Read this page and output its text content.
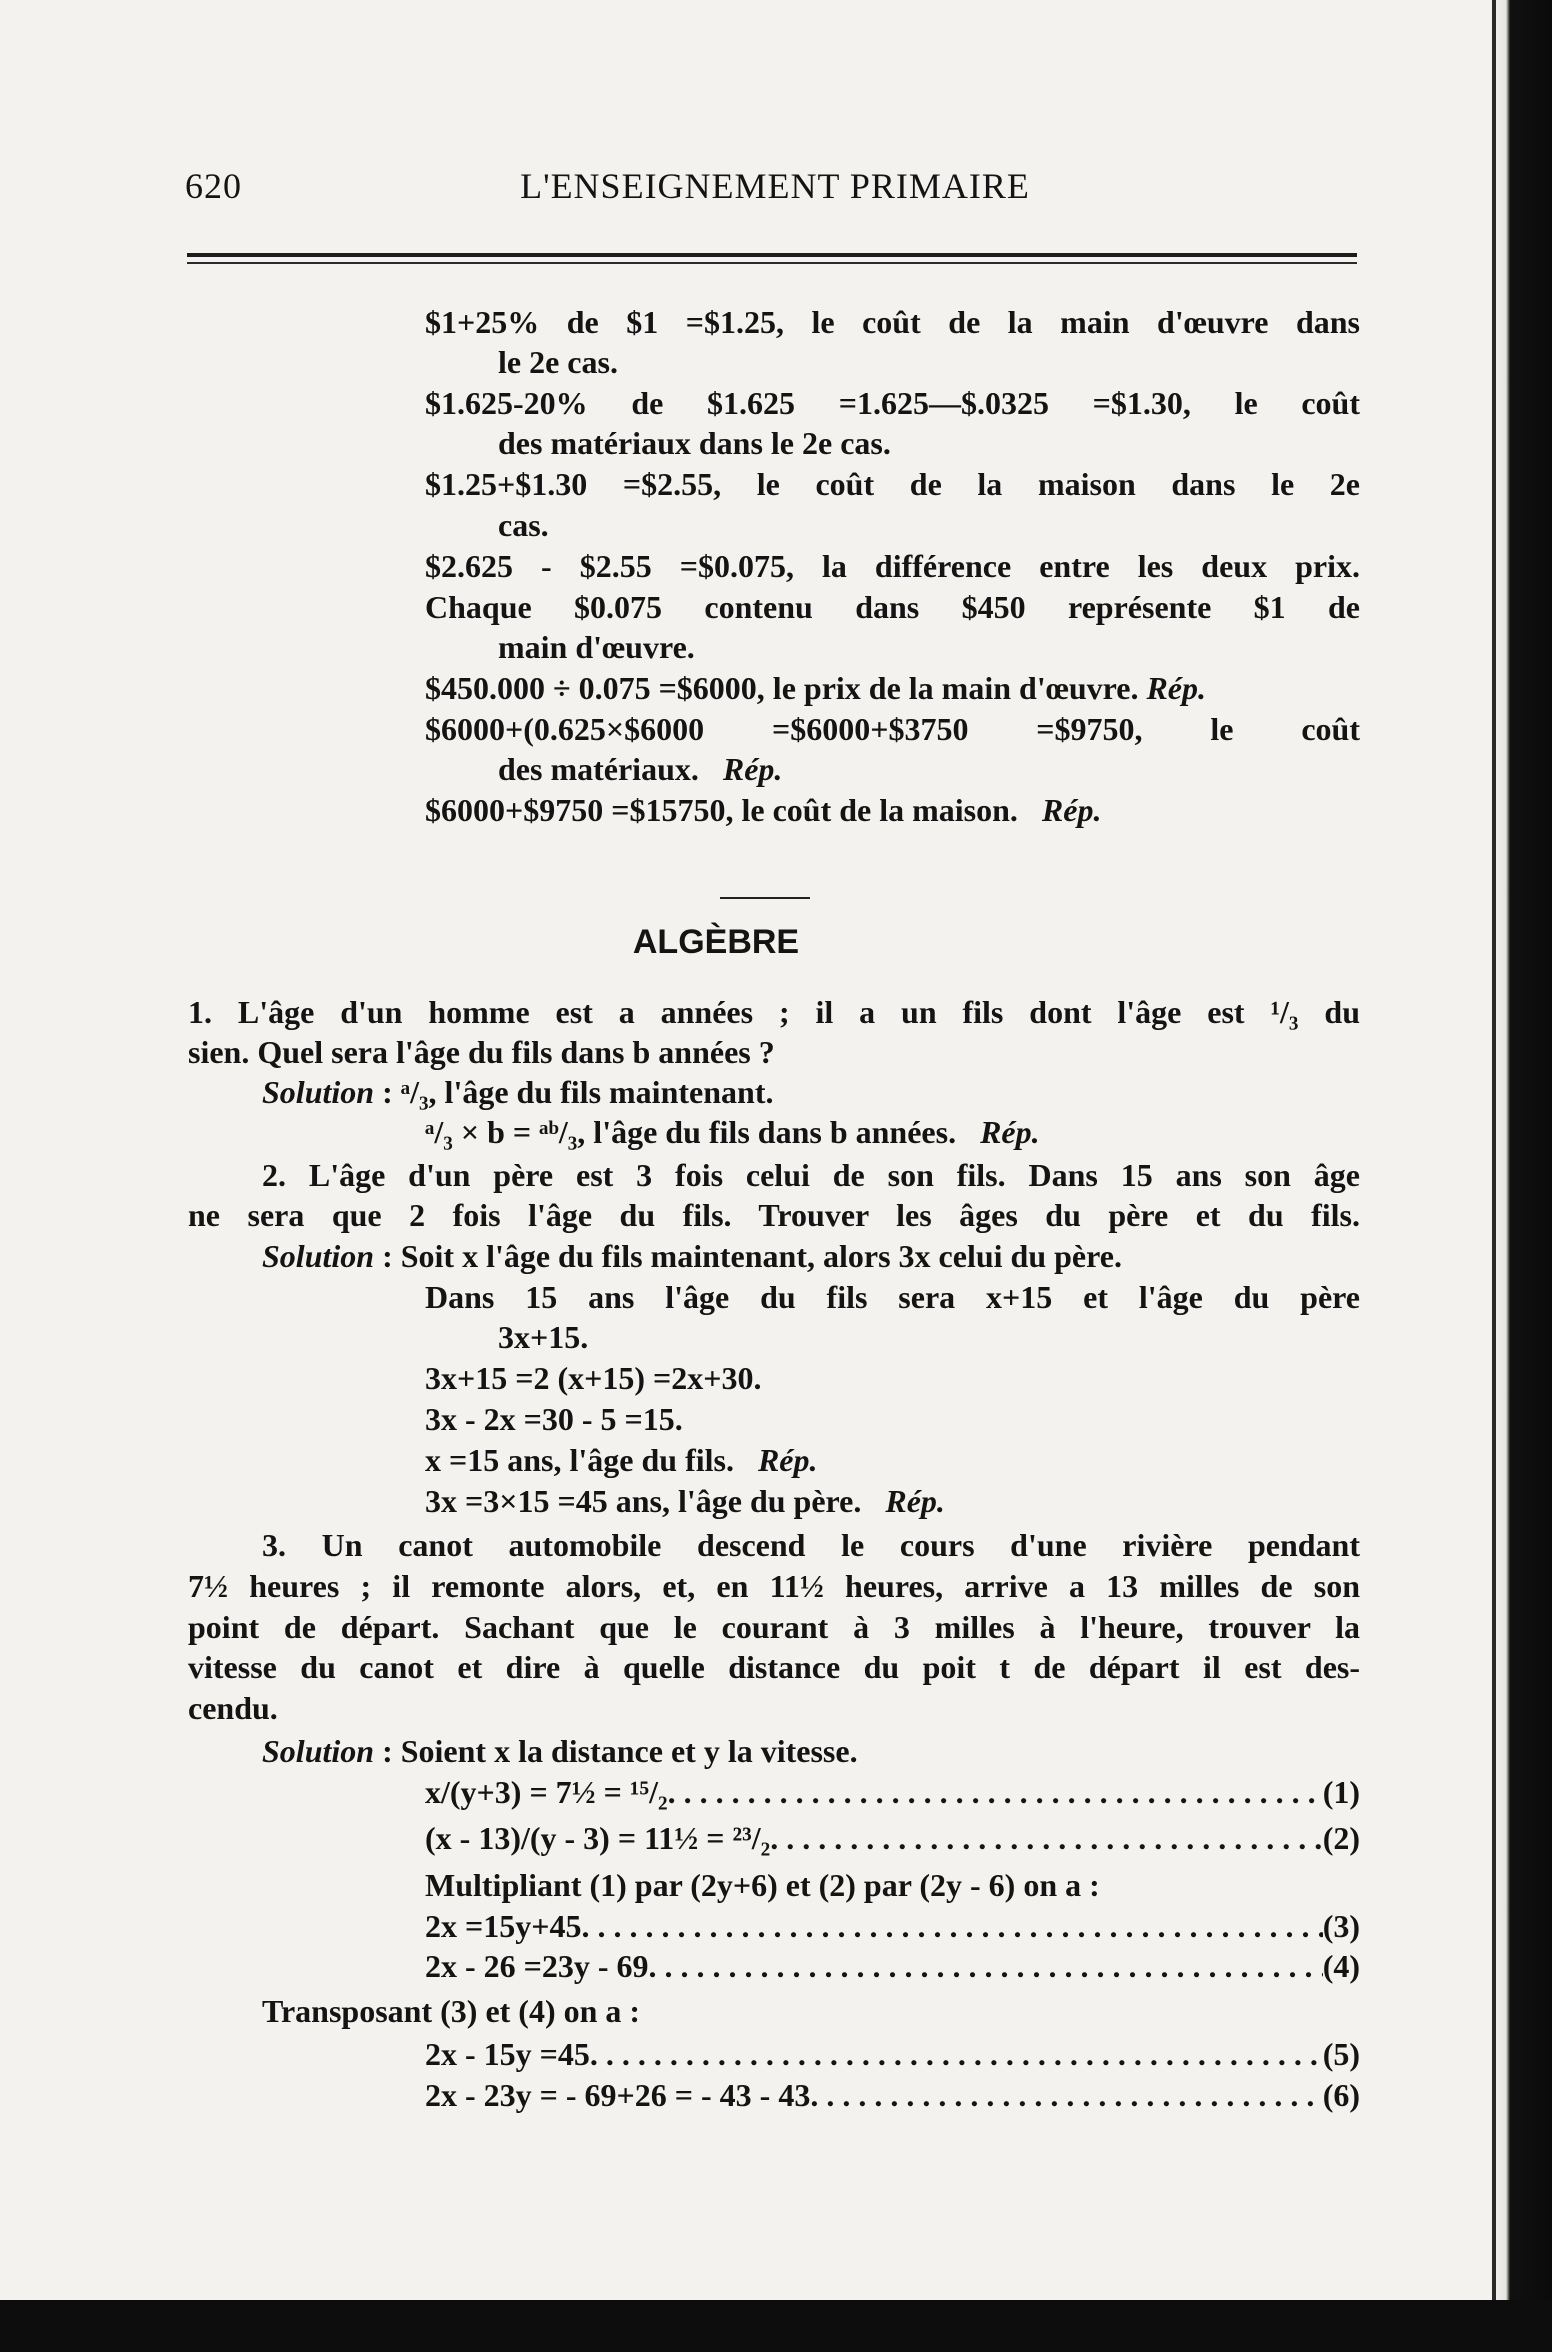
620	L'ENSEIGNEMENT PRIMAIRE
$1+25% de $1 =$1.25, le coût de la main d'œuvre dans
le 2e cas.
$1.625-20% de $1.625 =1.625—$.0325 =$1.30, le coût
des matériaux dans le 2e cas.
$1.25+$1.30 =$2.55, le coût de la maison dans le 2e
cas.
$2.625 - $2.55 =$0.075, la différence entre les deux prix.
Chaque $0.075 contenu dans $450 représente $1 de
main d'œuvre.
$450.000 ÷ 0.075 =$6000, le prix de la main d'œuvre. Rép.
$6000+(0.625×$6000 =$6000+$3750 =$9750, le coût
des matériaux. Rép.
$6000+$9750 =$15750, le coût de la maison. Rép.
ALGÈBRE
1. L'âge d'un homme est a années ; il a un fils dont l'âge est ¹/₃ du
sien. Quel sera l'âge du fils dans b années ?
Solution : ᵃ/₃, l'âge du fils maintenant.
ᵃ/₃ × b = ᵃᵇ/₃, l'âge du fils dans b années. Rép.
2. L'âge d'un père est 3 fois celui de son fils. Dans 15 ans son âge
ne sera que 2 fois l'âge du fils. Trouver les âges du père et du fils.
Solution : Soit x l'âge du fils maintenant, alors 3x celui du père.
Dans 15 ans l'âge du fils sera x+15 et l'âge du père
3x+15.
3x+15 =2 (x+15) =2x+30.
3x - 2x =30 - 5 =15.
x =15 ans, l'âge du fils. Rép.
3x =3×15 =45 ans, l'âge du père. Rép.
3. Un canot automobile descend le cours d'une rivière pendant
7½ heures ; il remonte alors, et, en 11½ heures, arrive a 13 milles de son
point de départ. Sachant que le courant à 3 milles à l'heure, trouver la
vitesse du canot et dire à quelle distance du poit t de départ il est des-
cendu.
Solution : Soient x la distance et y la vitesse.
x/(y+3) = 7½ = ¹⁵/₂ . . .	(1)
(x - 13)/(y - 3) = 11½ = ²³/₂ . . .	(2)
Multipliant (1) par (2y+6) et (2) par (2y - 6) on a :
2x =15y+45 . . .	(3)
2x - 26 =23y - 69 . . .	(4)
Transposant (3) et (4) on a :
2x - 15y =45 . . .	(5)
2x - 23y = - 69+26 = - 43 - 43 . . .	(6)
